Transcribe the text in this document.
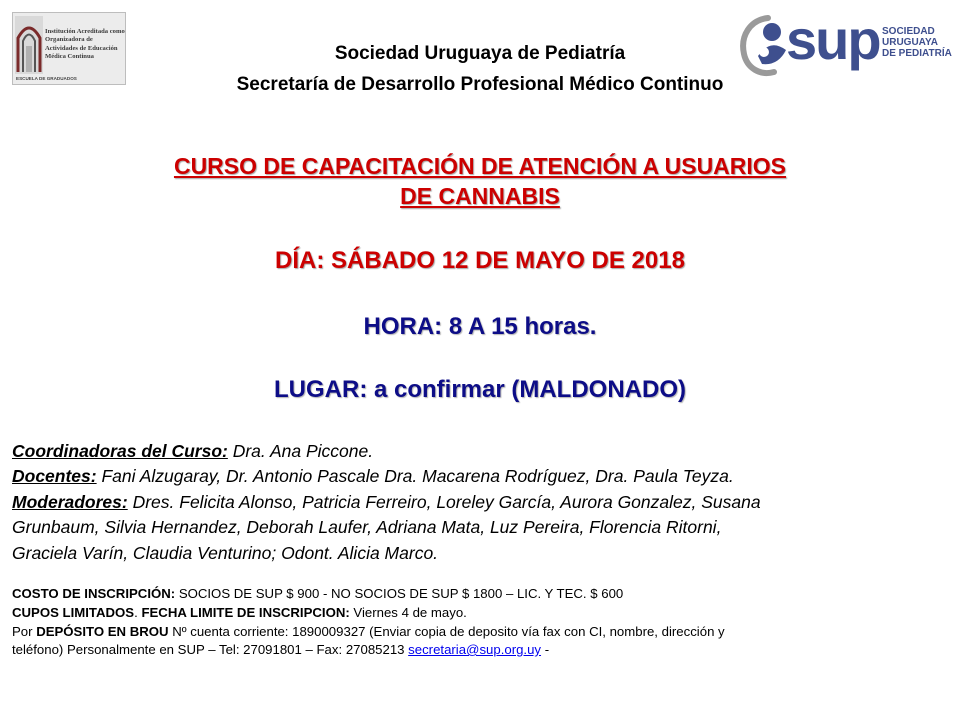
Institución Acreditada como Organizadora de Actividades de Educación Médica Continua
ESCUELA DE GRADUADOS
sup SOCIEDAD
URUGUAYA
DE PEDIATRÍA
Sociedad Uruguaya de Pediatría
Secretaría de Desarrollo Profesional Médico Continuo
CURSO DE CAPACITACIÓN DE ATENCIÓN A USUARIOS
DE CANNABIS
DÍA: SÁBADO 12 DE MAYO DE 2018
HORA: 8 A 15 horas.
LUGAR: a confirmar (MALDONADO)
Coordinadoras del Curso: Dra. Ana Piccone.
Docentes: Fani Alzugaray, Dr. Antonio Pascale Dra. Macarena Rodríguez, Dra. Paula Teyza.
Moderadores: Dres. Felicita Alonso, Patricia Ferreiro, Loreley García, Aurora Gonzalez, Susana
Grunbaum, Silvia Hernandez, Deborah Laufer, Adriana Mata, Luz Pereira, Florencia Ritorni,
Graciela Varín, Claudia Venturino; Odont. Alicia Marco.
COSTO DE INSCRIPCIÓN: SOCIOS DE SUP $ 900 - NO SOCIOS DE SUP $ 1800 – LIC. Y TEC. $ 600
CUPOS LIMITADOS. FECHA LIMITE DE INSCRIPCION: Viernes 4 de mayo.
Por DEPÓSITO EN BROU Nº cuenta corriente: 1890009327 (Enviar copia de deposito vía fax con CI, nombre, dirección y
teléfono) Personalmente en SUP – Tel: 27091801 – Fax: 27085213 secretaria@sup.org.uy -
